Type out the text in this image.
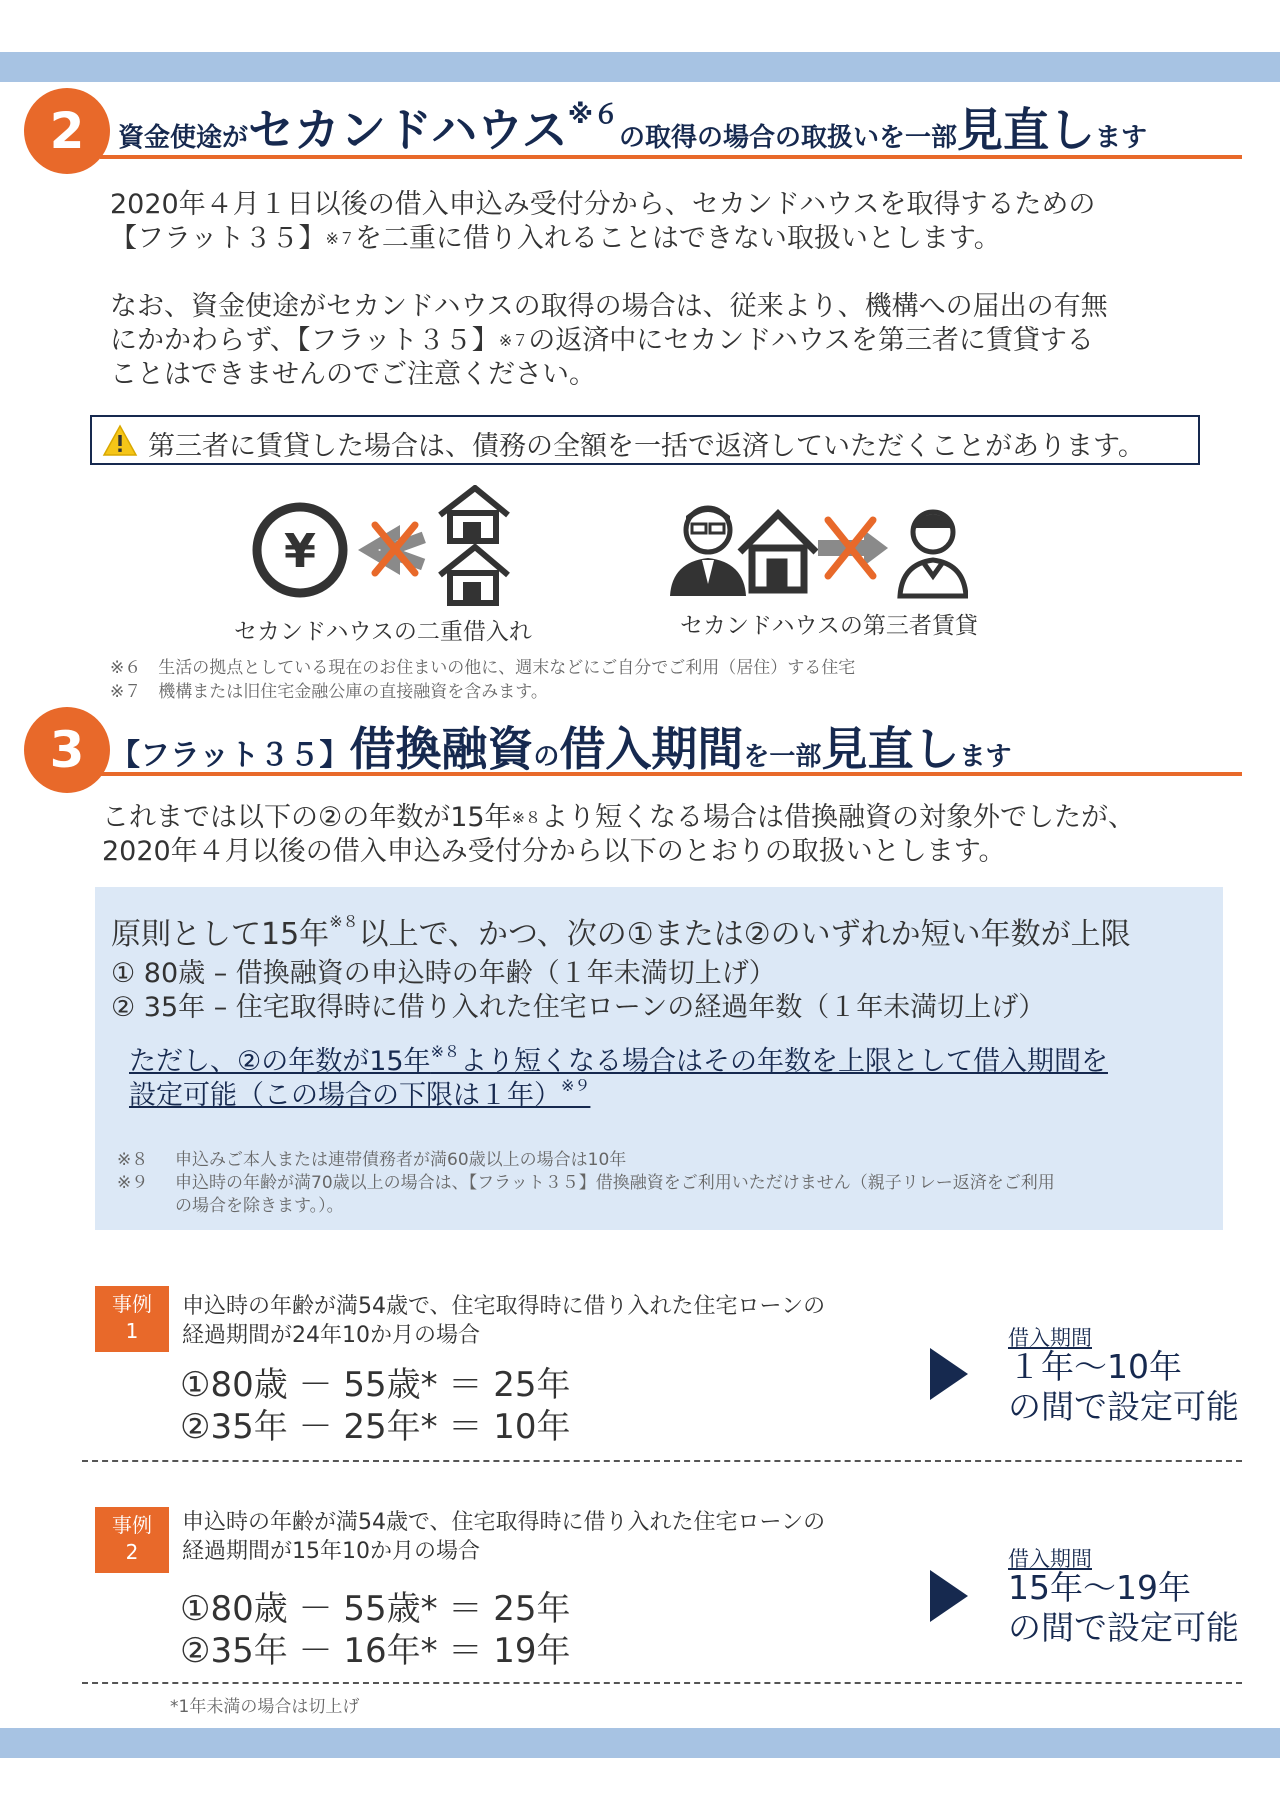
2	資金使途がセカンドハウス※６の取得の場合の取扱いを一部見直します
2020年４月１日以後の借入申込み受付分から、セカンドハウスを取得するための
【フラット３５】$^{※7}$を二重に借り入れることはできない取扱いとします。
なお、資金使途がセカンドハウスの取得の場合は、従来より、機構への届出の有無
にかかわらず、【フラット３５】$^{※7}$の返済中にセカンドハウスを第三者に賃貸する
ことはできませんのでご注意ください。
第三者に賃貸した場合は、債務の全額を一括で返済していただくことがあります。
¥
セカンドハウスの二重借入れ	セカンドハウスの第三者賃貸
※６　生活の拠点としている現在のお住まいの他に、週末などにご自分でご利用（居住）する住宅
※７　機構または旧住宅金融公庫の直接融資を含みます。
3 【フラット３５】借換融資の借入期間を一部見直します
これまでは以下の②の年数が15年$^{※8}$より短くなる場合は借換融資の対象外でしたが、
2020年４月以後の借入申込み受付分から以下のとおりの取扱いとします。
原則として15年$^{※8}$以上で、かつ、次の①または②のいずれか短い年数が上限
① 80歳 – 借換融資の申込時の年齢（１年未満切上げ）
② 35年 – 住宅取得時に借り入れた住宅ローンの経過年数（１年未満切上げ）
ただし、②の年数が15年$^{※8}$より短くなる場合はその年数を上限として借入期間を
設定可能（この場合の下限は１年）$^{※9}$
※８ 申込みご本人または連帯債務者が満60歳以上の場合は10年
※９ 申込時の年齢が満70歳以上の場合は、【フラット３５】借換融資をご利用いただけません（親子リレー返済をご利用
の場合を除きます。）。
事例
1
申込時の年齢が満54歳で、住宅取得時に借り入れた住宅ローンの
経過期間が24年10か月の場合
①80歳 － 55歳* ＝ 25年
②35年 － 25年* ＝ 10年
借入期間
１年～10年
の間で設定可能
事例
2
申込時の年齢が満54歳で、住宅取得時に借り入れた住宅ローンの
経過期間が15年10か月の場合
①80歳 － 55歳* ＝ 25年
②35年 － 16年* ＝ 19年
借入期間
15年～19年
の間で設定可能
*1年未満の場合は切上げ
